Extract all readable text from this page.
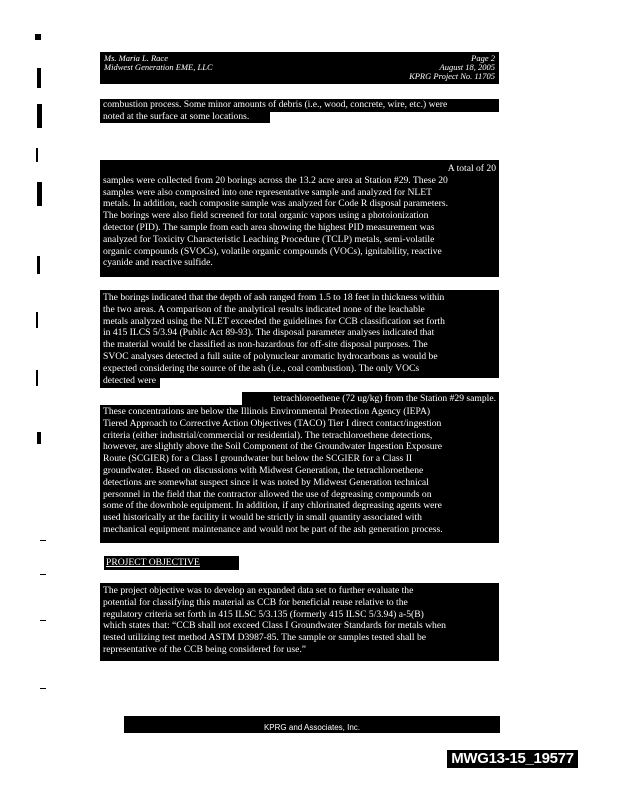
Ms. Maria L. Race
Midwest Generation EME, LLC
Page 2
August 18, 2005
KPRG Project No. 11705
combustion process. Some minor amounts of debris (i.e., wood, concrete, wire, etc.) were
noted at the surface at some locations.
A total of 20
samples were collected from 20 borings across the 13.2 acre area at Station #29. These 20
samples were also composited into one representative sample and analyzed for NLET
metals. In addition, each composite sample was analyzed for Code R disposal parameters.
The borings were also field screened for total organic vapors using a photoionization
detector (PID). The sample from each area showing the highest PID measurement was
analyzed for Toxicity Characteristic Leaching Procedure (TCLP) metals, semi-volatile
organic compounds (SVOCs), volatile organic compounds (VOCs), ignitability, reactive
cyanide and reactive sulfide.
The borings indicated that the depth of ash ranged from 1.5 to 18 feet in thickness within
the two areas. A comparison of the analytical results indicated none of the leachable
metals analyzed using the NLET exceeded the guidelines for CCB classification set forth
in 415 ILCS 5/3.94 (Public Act 89-93). The disposal parameter analyses indicated that
the material would be classified as non-hazardous for off-site disposal purposes. The
SVOC analyses detected a full suite of polynuclear aromatic hydrocarbons as would be
expected considering the source of the ash (i.e., coal combustion). The only VOCs
detected were
tetrachloroethene (72 ug/kg) from the Station #29 sample.
These concentrations are below the Illinois Environmental Protection Agency (IEPA)
Tiered Approach to Corrective Action Objectives (TACO) Tier I direct contact/ingestion
criteria (either industrial/commercial or residential). The tetrachloroethene detections,
however, are slightly above the Soil Component of the Groundwater Ingestion Exposure
Route (SCGIER) for a Class I groundwater but below the SCGIER for a Class II
groundwater. Based on discussions with Midwest Generation, the tetrachloroethene
detections are somewhat suspect since it was noted by Midwest Generation technical
personnel in the field that the contractor allowed the use of degreasing compounds on
some of the downhole equipment. In addition, if any chlorinated degreasing agents were
used historically at the facility it would be strictly in small quantity associated with
mechanical equipment maintenance and would not be part of the ash generation process.
PROJECT OBJECTIVE
The project objective was to develop an expanded data set to further evaluate the
potential for classifying this material as CCB for beneficial reuse relative to the
regulatory criteria set forth in 415 ILSC 5/3.135 (formerly 415 ILSC 5/3.94) a-5(B)
which states that: “CCB shall not exceed Class I Groundwater Standards for metals when
tested utilizing test method ASTM D3987-85. The sample or samples tested shall be
representative of the CCB being considered for use.”
KPRG and Associates, Inc.
MWG13-15_19577
